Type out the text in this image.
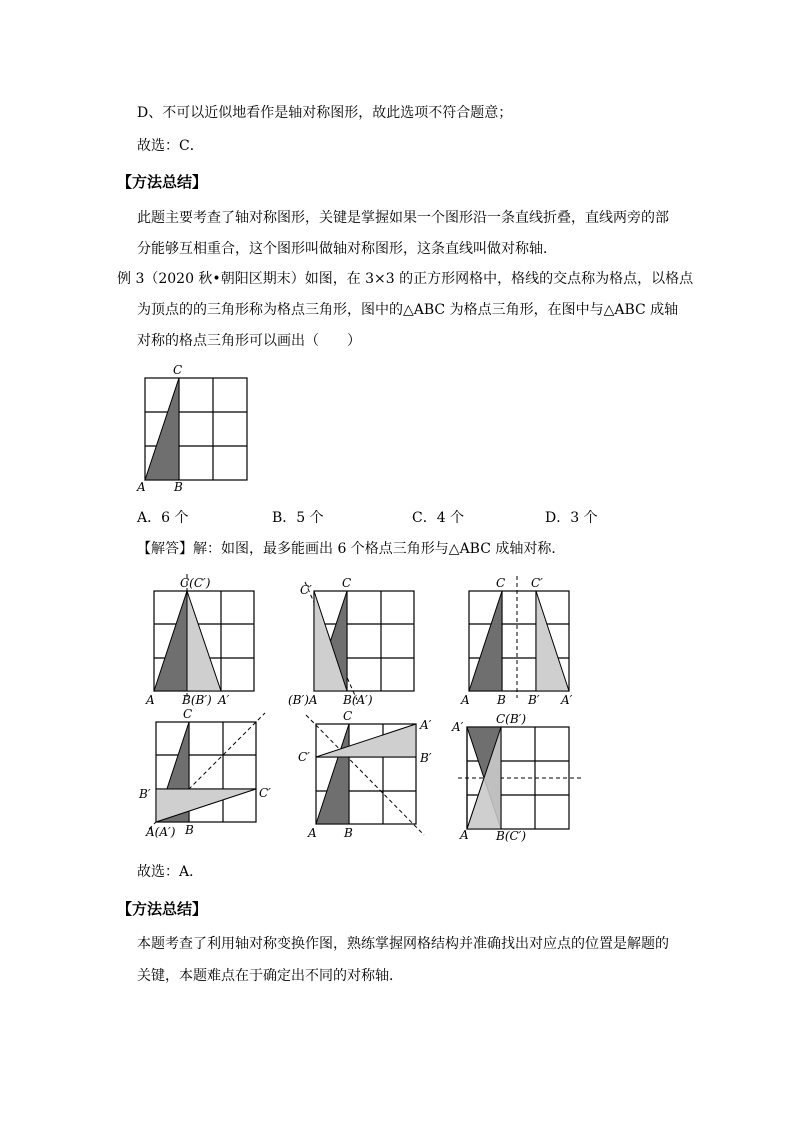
D、不可以近似地看作是轴对称图形，故此选项不符合题意；
故选：C．
【方法总结】
此题主要考查了轴对称图形，关键是掌握如果一个图形沿一条直线折叠，直线两旁的部
分能够互相重合，这个图形叫做轴对称图形，这条直线叫做对称轴．
例 3（2020 秋•朝阳区期末）如图，在 3×3 的正方形网格中，格线的交点称为格点，以格点
为顶点的的三角形称为格点三角形，图中的△ABC 为格点三角形，在图中与△ABC 成轴
对称的格点三角形可以画出（　　）
C
A B
A．6 个	B．5 个	C．4 个	D．3 个
【解答】解：如图，最多能画出 6 个格点三角形与△ABC 成轴对称．
C(C′)
A B(B′) A′
C′	C
(B′)A B(A′)
C C′
A B B′ A′
C
B′	C′
A(A′) B
C
A′
C′	B′
A B
A′
C(B′)
A B(C′)
故选：A．
【方法总结】
本题考查了利用轴对称变换作图，熟练掌握网格结构并准确找出对应点的位置是解题的
关键，本题难点在于确定出不同的对称轴．
